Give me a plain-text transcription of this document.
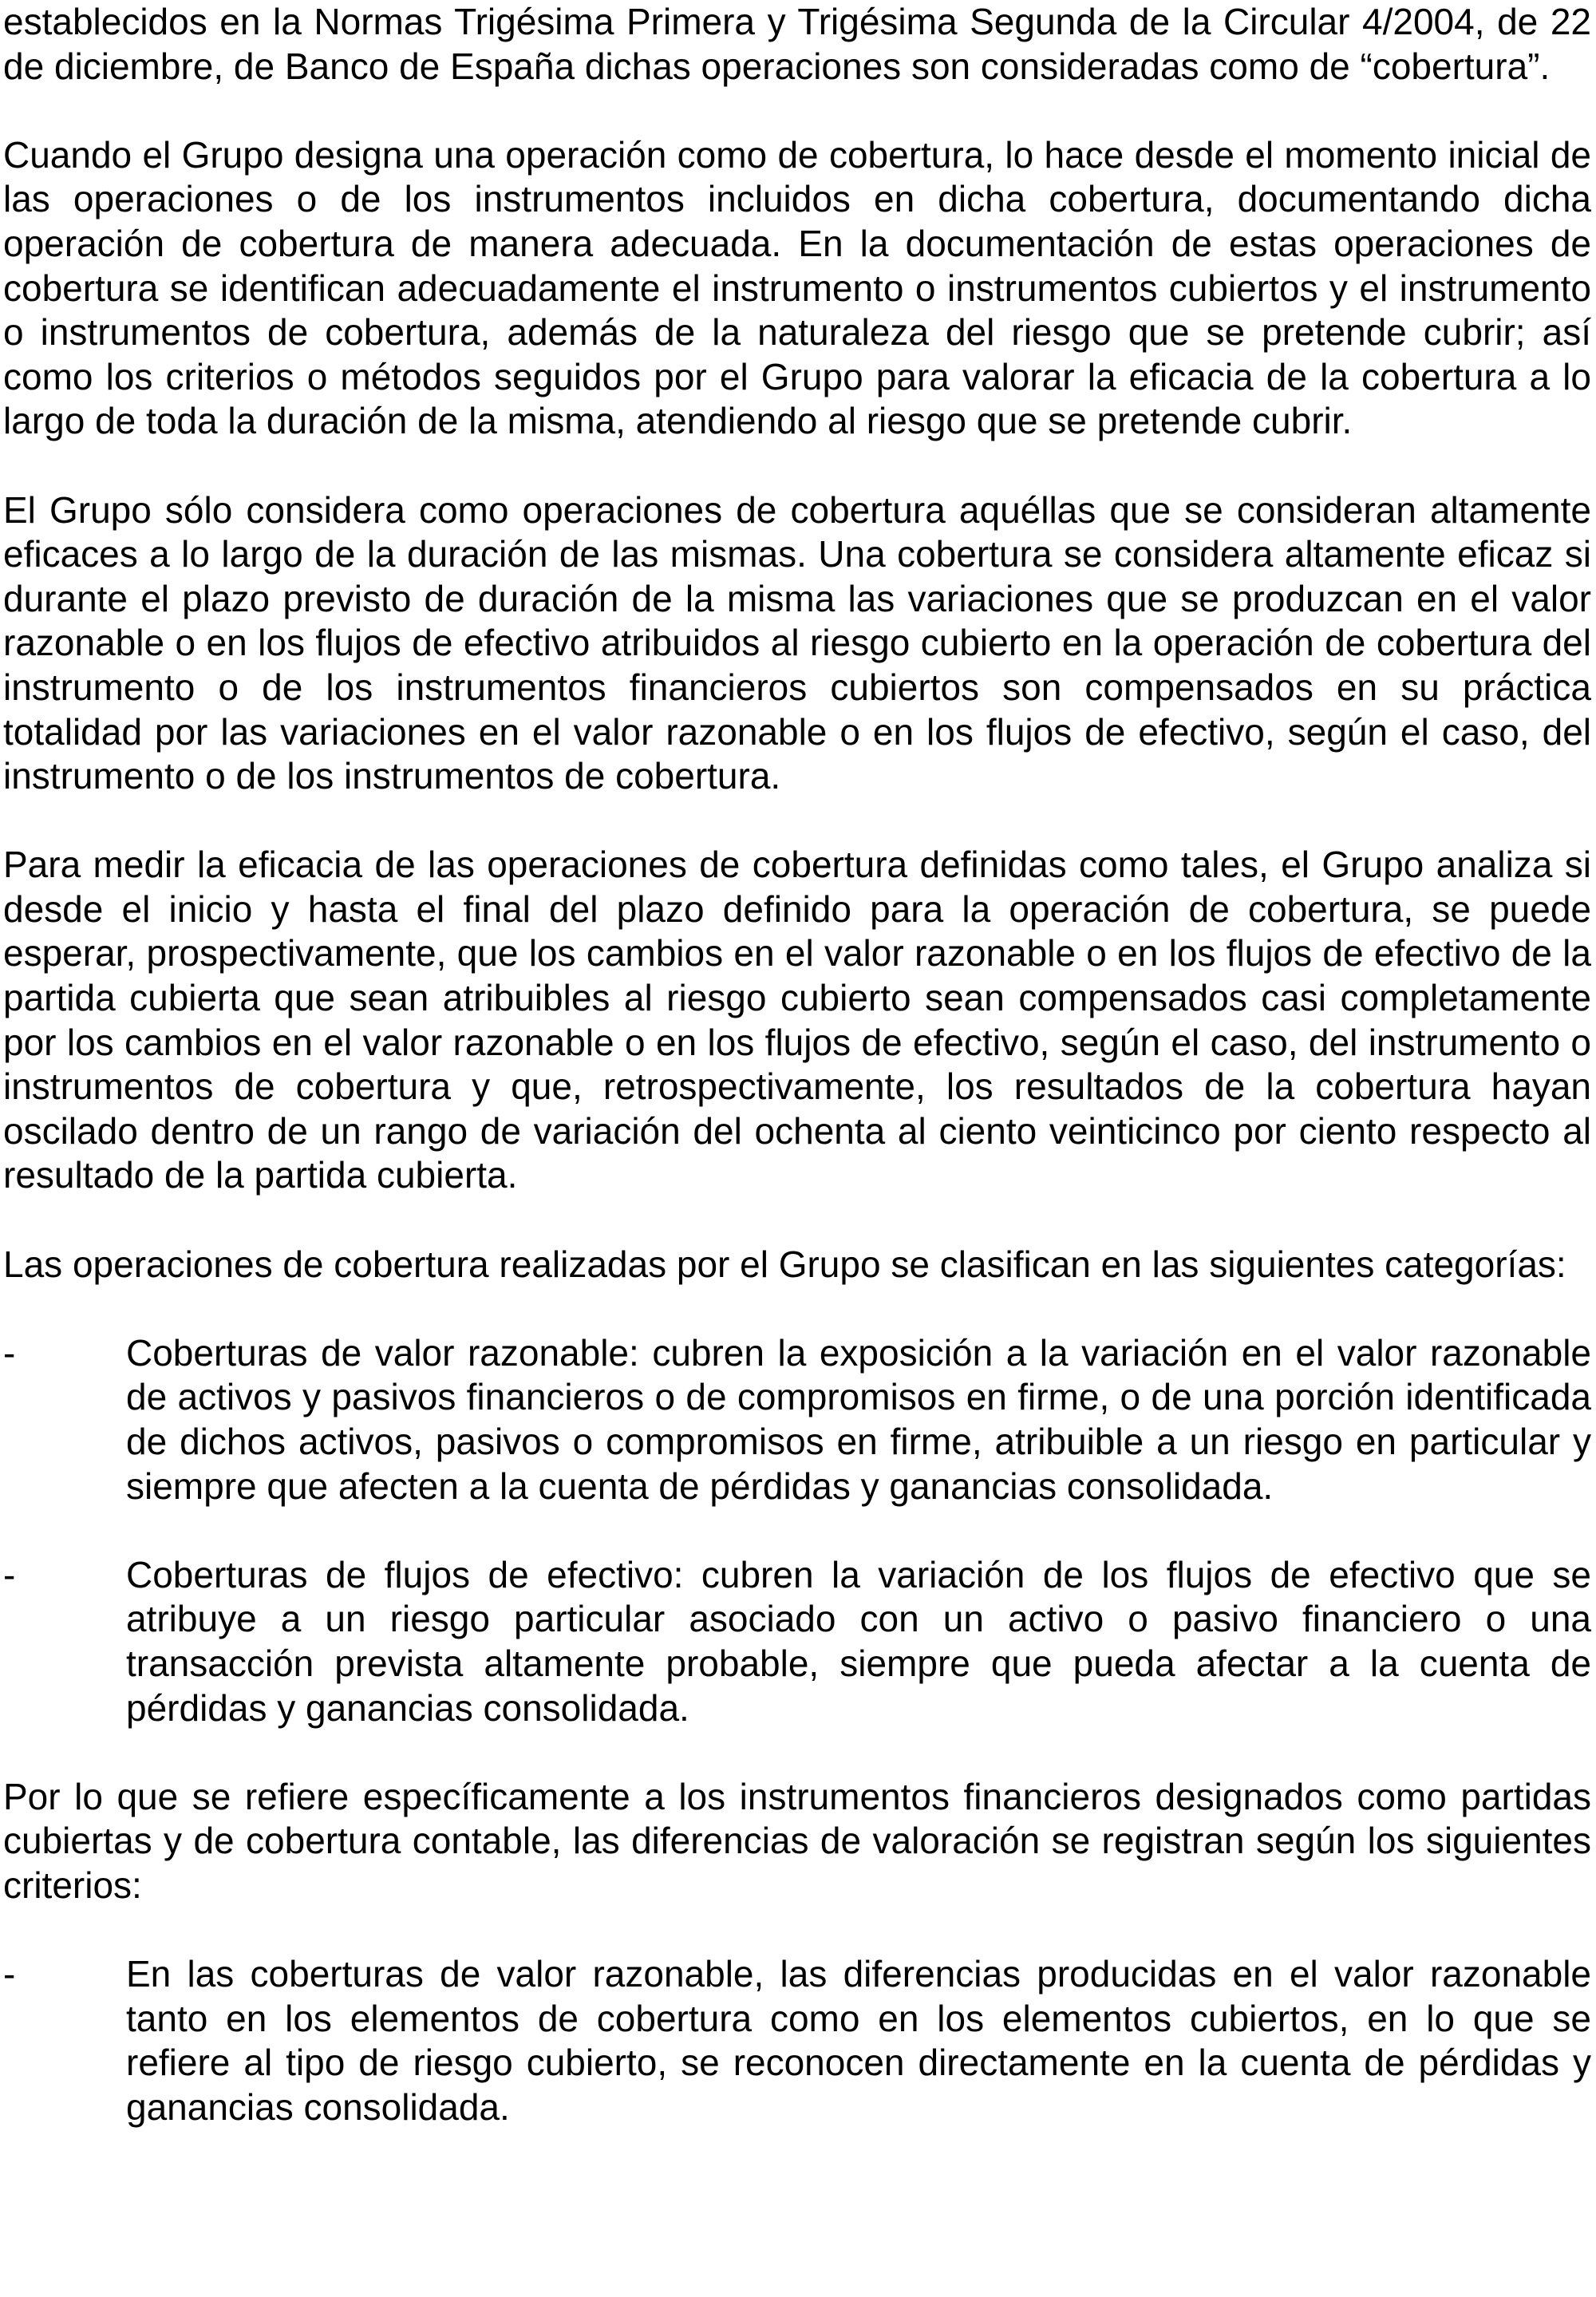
establecidos en la Normas Trigésima Primera y Trigésima Segunda de la Circular 4/2004, de 22 de diciembre, de Banco de España dichas operaciones son consideradas como de “cobertura”.

Cuando el Grupo designa una operación como de cobertura, lo hace desde el momento inicial de las operaciones o de los instrumentos incluidos en dicha cobertura, documentando dicha operación de cobertura de manera adecuada. En la documentación de estas operaciones de cobertura se identifican adecuadamente el instrumento o instrumentos cubiertos y el instrumento o instrumentos de cobertura, además de la naturaleza del riesgo que se pretende cubrir; así como los criterios o métodos seguidos por el Grupo para valorar la eficacia de la cobertura a lo largo de toda la duración de la misma, atendiendo al riesgo que se pretende cubrir.

El Grupo sólo considera como operaciones de cobertura aquéllas que se consideran altamente eficaces a lo largo de la duración de las mismas. Una cobertura se considera altamente eficaz si durante el plazo previsto de duración de la misma las variaciones que se produzcan en el valor razonable o en los flujos de efectivo atribuidos al riesgo cubierto en la operación de cobertura del instrumento o de los instrumentos financieros cubiertos son compensados en su práctica totalidad por las variaciones en el valor razonable o en los flujos de efectivo, según el caso, del instrumento o de los instrumentos de cobertura.

Para medir la eficacia de las operaciones de cobertura definidas como tales, el Grupo analiza si desde el inicio y hasta el final del plazo definido para la operación de cobertura, se puede esperar, prospectivamente, que los cambios en el valor razonable o en los flujos de efectivo de la partida cubierta que sean atribuibles al riesgo cubierto sean compensados casi completamente por los cambios en el valor razonable o en los flujos de efectivo, según el caso, del instrumento o instrumentos de cobertura y que, retrospectivamente, los resultados de la cobertura hayan oscilado dentro de un rango de variación del ochenta al ciento veinticinco por ciento respecto al resultado de la partida cubierta.

Las operaciones de cobertura realizadas por el Grupo se clasifican en las siguientes categorías:

-	Coberturas de valor razonable: cubren la exposición a la variación en el valor razonable de activos y pasivos financieros o de compromisos en firme, o de una porción identificada de dichos activos, pasivos o compromisos en firme, atribuible a un riesgo en particular y siempre que afecten a la cuenta de pérdidas y ganancias consolidada.
-	Coberturas de flujos de efectivo: cubren la variación de los flujos de efectivo que se atribuye a un riesgo particular asociado con un activo o pasivo financiero o una transacción prevista altamente probable, siempre que pueda afectar a la cuenta de pérdidas y ganancias consolidada.

Por lo que se refiere específicamente a los instrumentos financieros designados como partidas cubiertas y de cobertura contable, las diferencias de valoración se registran según los siguientes criterios:

-	En las coberturas de valor razonable, las diferencias producidas en el valor razonable tanto en los elementos de cobertura como en los elementos cubiertos, en lo que se refiere al tipo de riesgo cubierto, se reconocen directamente en la cuenta de pérdidas y ganancias consolidada.
